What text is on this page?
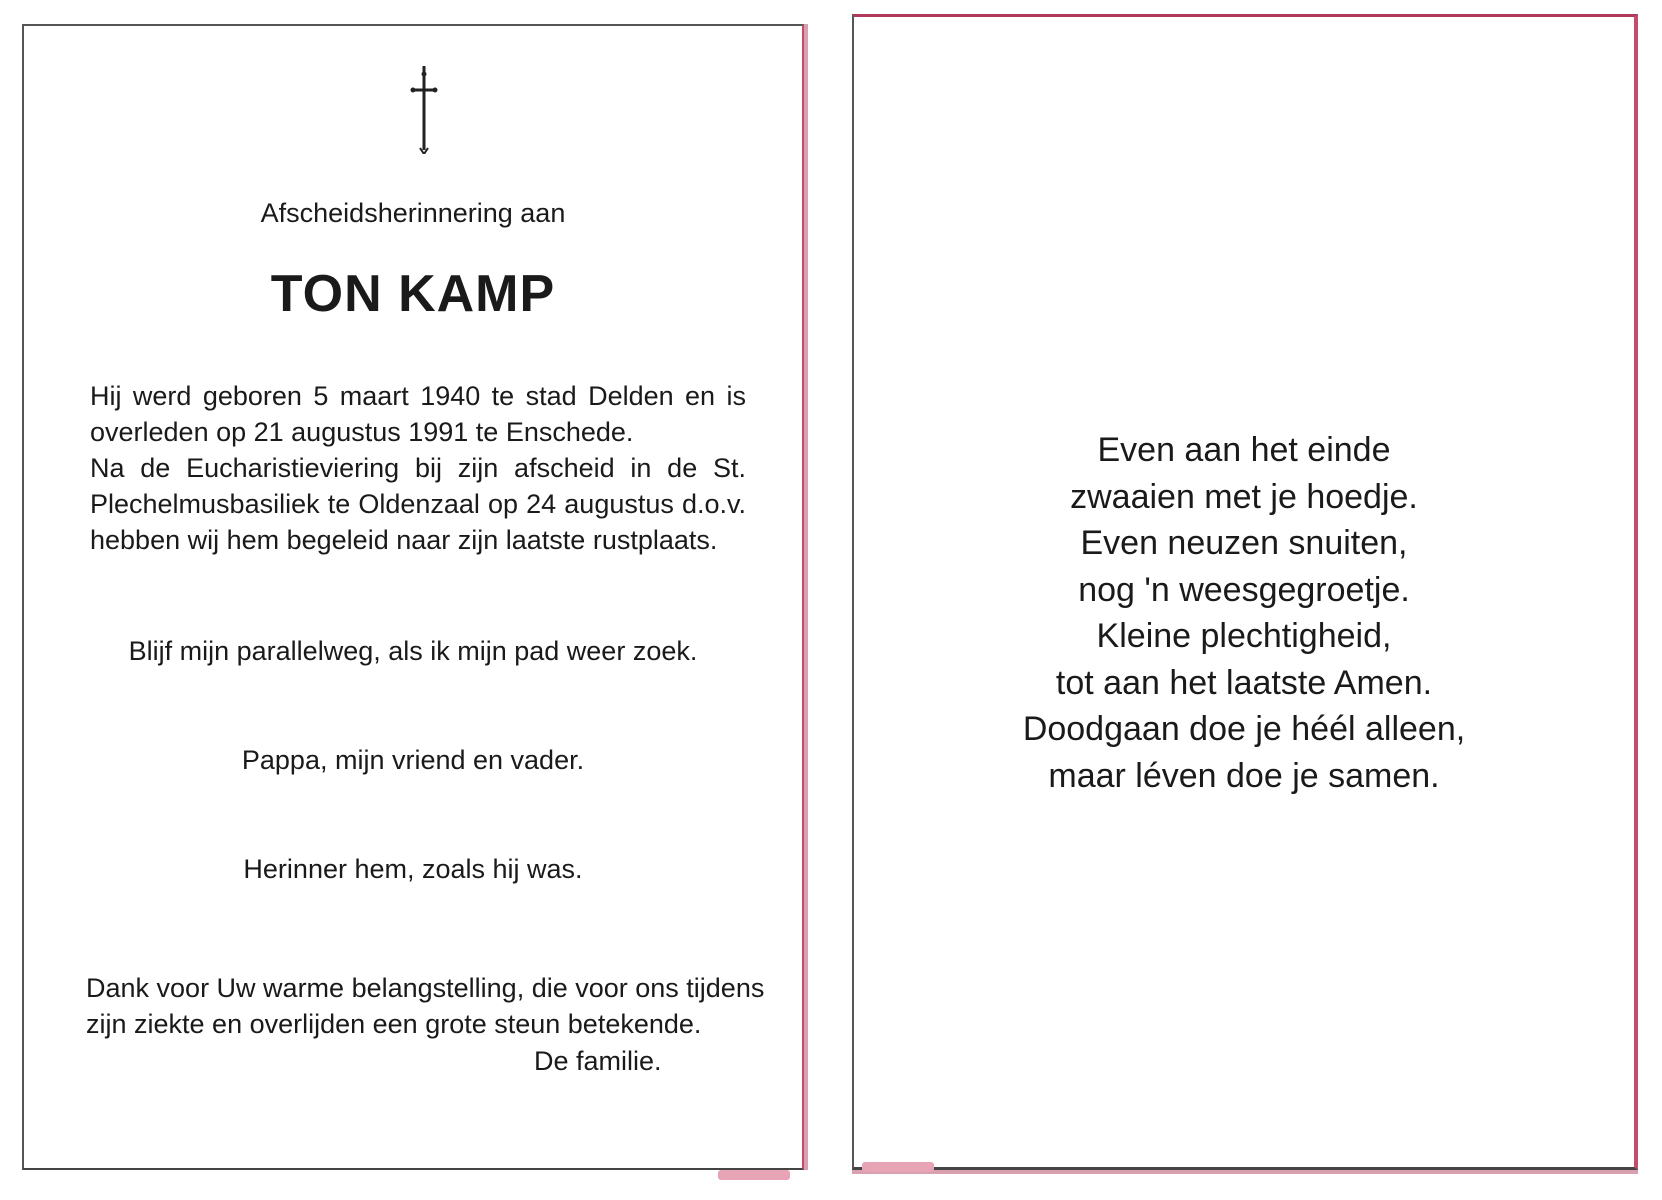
Afscheidsherinnering aan
TON KAMP
Hij werd geboren 5 maart 1940 te stad Delden en is
overleden op 21 augustus 1991 te Enschede.
Na de Eucharistieviering bij zijn afscheid in de St.
Plechelmusbasiliek te Oldenzaal op 24 augustus d.o.v.
hebben wij hem begeleid naar zijn laatste rustplaats.
Blijf mijn parallelweg, als ik mijn pad weer zoek.
Pappa, mijn vriend en vader.
Herinner hem, zoals hij was.
Dank voor Uw warme belangstelling, die voor ons tijdens
zijn ziekte en overlijden een grote steun betekende.
De familie.
Even aan het einde
zwaaien met je hoedje.
Even neuzen snuiten,
nog 'n weesgegroetje.
Kleine plechtigheid,
tot aan het laatste Amen.
Doodgaan doe je héél alleen,
maar léven doe je samen.
